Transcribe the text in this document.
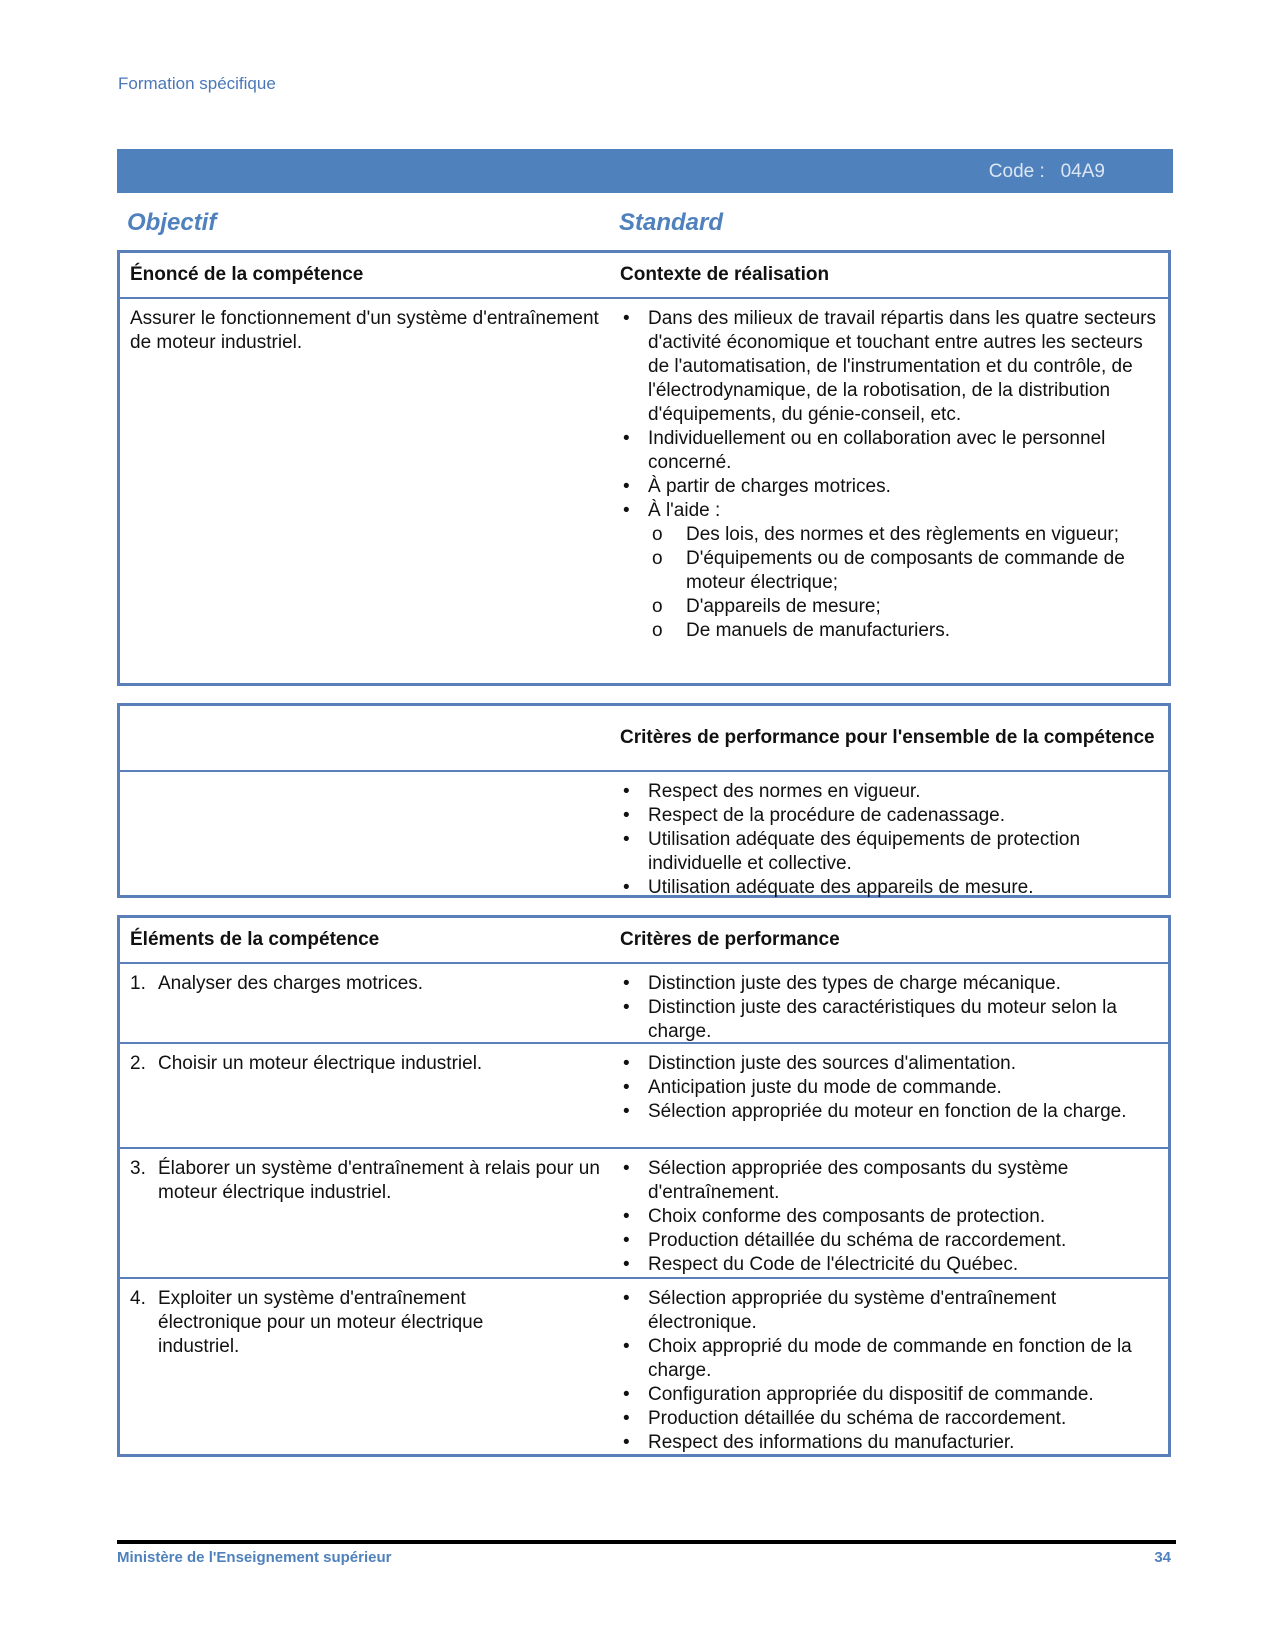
Formation spécifique
Code :   04A9
Objectif	Standard
Énoncé de la compétence	Contexte de réalisation
Assurer le fonctionnement d'un système d'entraînement de moteur industriel.
• Dans des milieux de travail répartis dans les quatre secteurs d'activité économique et touchant entre autres les secteurs de l'automatisation, de l'instrumentation et du contrôle, de l'électrodynamique, de la robotisation, de la distribution d'équipements, du génie-conseil, etc.
• Individuellement ou en collaboration avec le personnel concerné.
• À partir de charges motrices.
• À l'aide :
o Des lois, des normes et des règlements en vigueur;
o D'équipements ou de composants de commande de moteur électrique;
o D'appareils de mesure;
o De manuels de manufacturiers.
Critères de performance pour l'ensemble de la compétence
• Respect des normes en vigueur.
• Respect de la procédure de cadenassage.
• Utilisation adéquate des équipements de protection individuelle et collective.
• Utilisation adéquate des appareils de mesure.
Éléments de la compétence	Critères de performance
1. Analyser des charges motrices.	• Distinction juste des types de charge mécanique.
• Distinction juste des caractéristiques du moteur selon la charge.
2. Choisir un moteur électrique industriel.	• Distinction juste des sources d'alimentation.
• Anticipation juste du mode de commande.
• Sélection appropriée du moteur en fonction de la charge.
3. Élaborer un système d'entraînement à relais pour un moteur électrique industriel.
• Sélection appropriée des composants du système d'entraînement.
• Choix conforme des composants de protection.
• Production détaillée du schéma de raccordement.
• Respect du Code de l'électricité du Québec.
4. Exploiter un système d'entraînement électronique pour un moteur électrique industriel.
• Sélection appropriée du système d'entraînement électronique.
• Choix approprié du mode de commande en fonction de la charge.
• Configuration appropriée du dispositif de commande.
• Production détaillée du schéma de raccordement.
• Respect des informations du manufacturier.
Ministère de l'Enseignement supérieur	34
